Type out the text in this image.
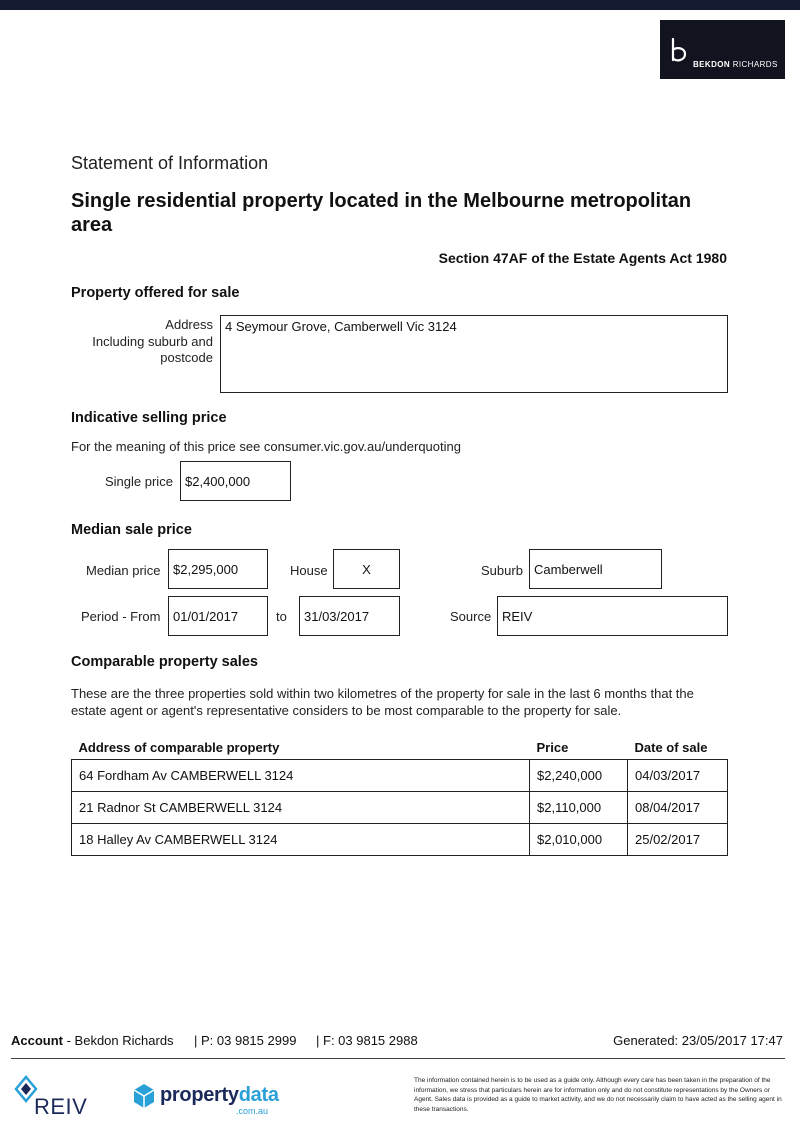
BEKDON RICHARDS
Statement of Information
Single residential property located in the Melbourne metropolitan area
Section 47AF of the Estate Agents Act 1980
Property offered for sale
Address
Including suburb and
postcode
4 Seymour Grove, Camberwell Vic 3124
Indicative selling price
For the meaning of this price see consumer.vic.gov.au/underquoting
Single price $2,400,000
Median sale price
Median price $2,295,000	House	X	Suburb Camberwell
Period - From 01/01/2017	to	31/03/2017	Source REIV
Comparable property sales
These are the three properties sold within two kilometres of the property for sale in the last 6 months that the estate agent or agent's representative considers to be most comparable to the property for sale.
Address of comparable property	Price	Date of sale
64 Fordham Av CAMBERWELL 3124	$2,240,000	04/03/2017
21 Radnor St CAMBERWELL 3124	$2,110,000	08/04/2017
18 Halley Av CAMBERWELL 3124	$2,010,000	25/02/2017
Account - Bekdon Richards | P: 03 9815 2999 | F: 03 9815 2988	Generated: 23/05/2017 17:47
REIV	propertydata
.com.au
The information contained herein is to be used as a guide only. Although every care has been taken in the preparation of the information, we stress that particulars herein are for information only and do not constitute representations by the Owners or Agent. Sales data is provided as a guide to market activity, and we do not necessarily claim to have acted as the selling agent in these transactions.
